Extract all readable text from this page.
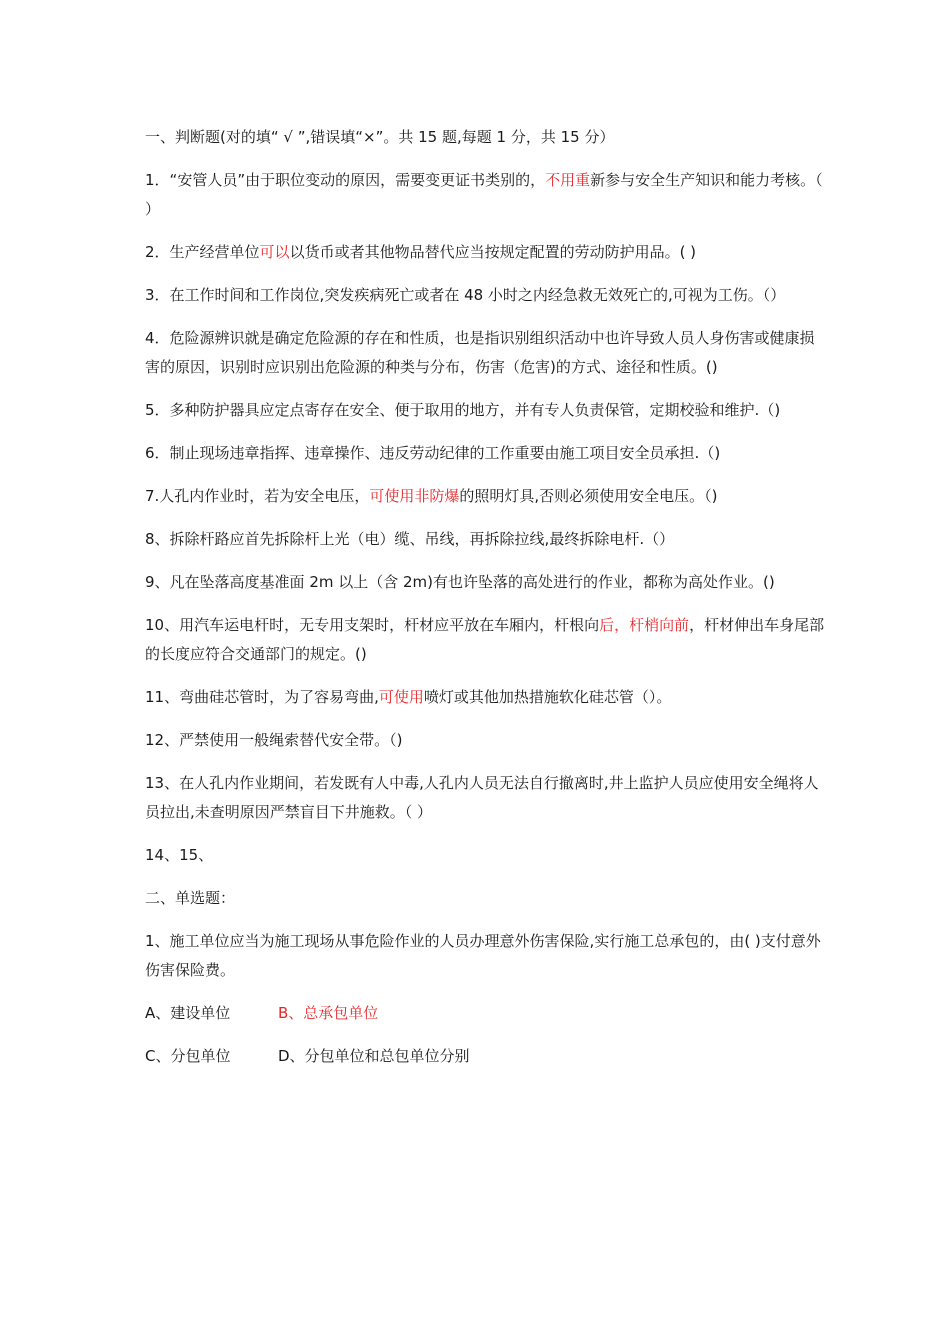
一、判断题(对的填“ √ ”,错误填“×”。共 15 题,每题 1 分，共 15 分）

1．“安管人员”由于职位变动的原因，需要变更证书类别的，不用重新参与安全生产知识和能力考核。（ ）

2．生产经营单位可以以货币或者其他物品替代应当按规定配置的劳动防护用品。( )

3．在工作时间和工作岗位,突发疾病死亡或者在 48 小时之内经急救无效死亡的,可视为工伤。（）

4．危险源辨识就是确定危险源的存在和性质，也是指识别组织活动中也许导致人员人身伤害或健康损害的原因，识别时应识别出危险源的种类与分布，伤害（危害)的方式、途径和性质。()

5．多种防护器具应定点寄存在安全、便于取用的地方，并有专人负责保管，定期校验和维护.（)

6．制止现场违章指挥、违章操作、违反劳动纪律的工作重要由施工项目安全员承担.（)

7.人孔内作业时，若为安全电压，可使用非防爆的照明灯具,否则必须使用安全电压。（)

8、拆除杆路应首先拆除杆上光（电）缆、吊线，再拆除拉线,最终拆除电杆.（）

9、凡在坠落高度基准面 2m 以上（含 2m)有也许坠落的高处进行的作业，都称为高处作业。()

10、用汽车运电杆时，无专用支架时，杆材应平放在车厢内，杆根向后，杆梢向前，杆材伸出车身尾部的长度应符合交通部门的规定。()

11、弯曲硅芯管时，为了容易弯曲,可使用喷灯或其他加热措施软化硅芯管（）。

12、严禁使用一般绳索替代安全带。（)

13、在人孔内作业期间，若发既有人中毒,人孔内人员无法自行撤离时,井上监护人员应使用安全绳将人员拉出,未查明原因严禁盲目下井施救。（ ）

14、15、

二、单选题：

1、施工单位应当为施工现场从事危险作业的人员办理意外伤害保险,实行施工总承包的，由( )支付意外伤害保险费。

A、建设单位	B、总承包单位
C、分包单位	D、分包单位和总包单位分别
